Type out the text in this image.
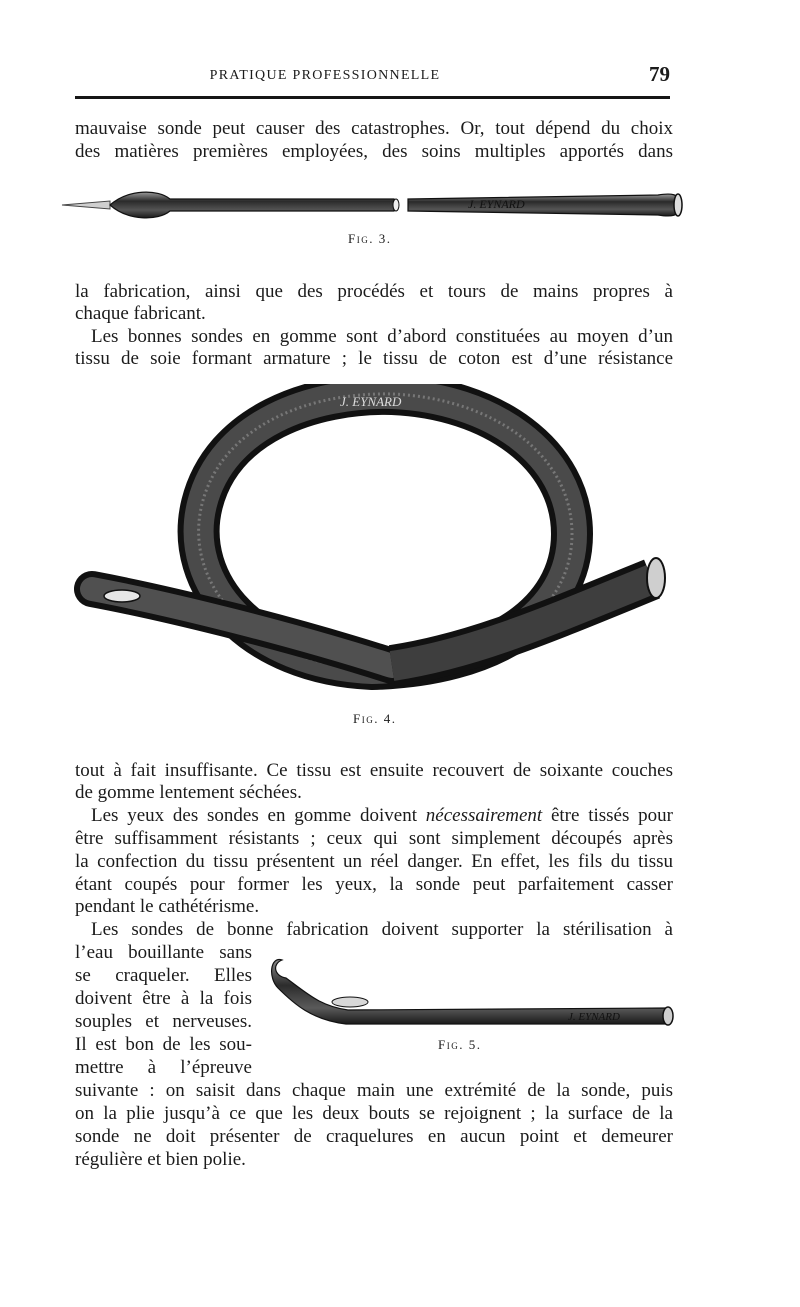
PRATIQUE PROFESSIONNELLE	79
mauvaise sonde peut causer des catastrophes. Or, tout dépend du choix
des matières premières employées, des soins multiples apportés dans
J. EYNARD
Fig. 3.
la fabrication, ainsi que des procédés et tours de mains propres à
chaque fabricant.
Les bonnes sondes en gomme sont d’abord constituées au moyen d’un
tissu de soie formant armature ; le tissu de coton est d’une résistance
J. EYNARD
Fig. 4.
tout à fait insuffisante. Ce tissu est ensuite recouvert de soixante couches
de gomme lentement séchées.
Les yeux des sondes en gomme doivent nécessairement être tissés pour
être suffisamment résistants ; ceux qui sont simplement découpés après
la confection du tissu présentent un réel danger. En effet, les fils du tissu
étant coupés pour former les yeux, la sonde peut parfaitement casser
pendant le cathétérisme.
Les sondes de bonne fabrication doivent supporter la stérilisation à
l’eau bouillante sans
se craqueler. Elles
doivent être à la fois
souples et nerveuses.
Il est bon de les sou-
mettre à l’épreuve
J. EYNARD
Fig. 5.
suivante : on saisit dans chaque main une extrémité de la sonde, puis
on la plie jusqu’à ce que les deux bouts se rejoignent ; la surface de la
sonde ne doit présenter de craquelures en aucun point et demeurer
régulière et bien polie.
